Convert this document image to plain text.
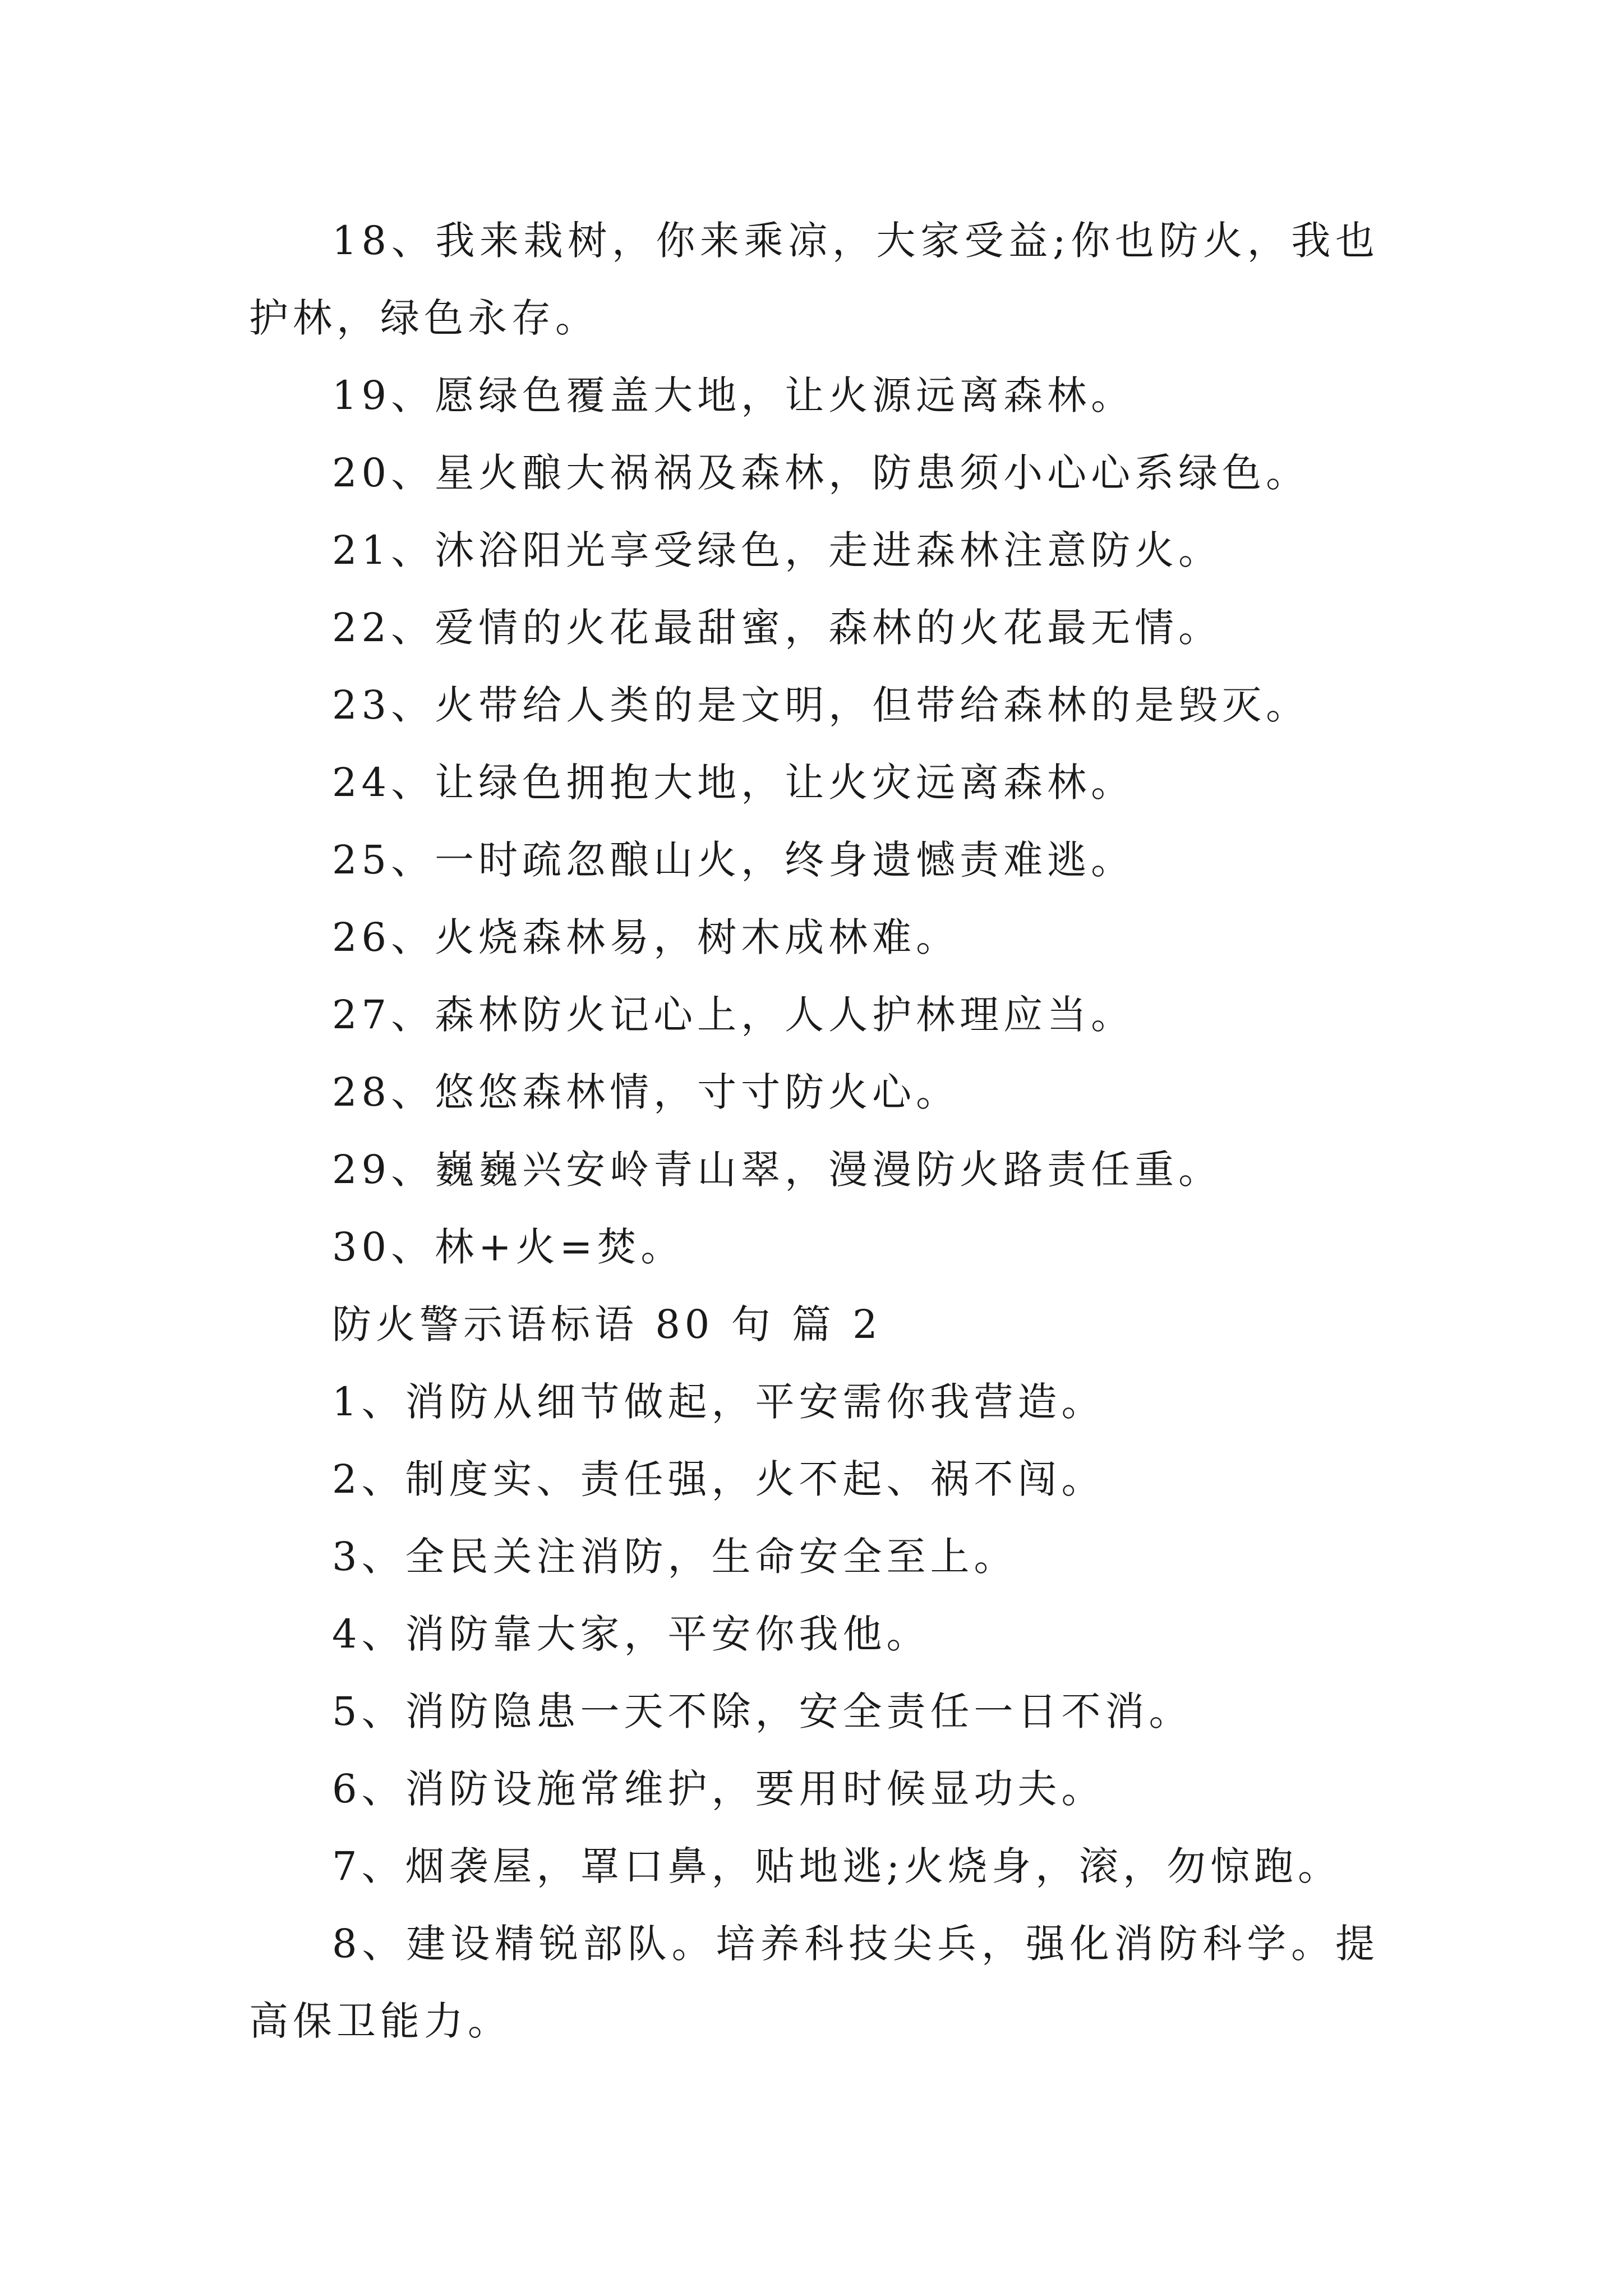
18、我来栽树，你来乘凉，大家受益;你也防火，我也护林，绿色永存。

19、愿绿色覆盖大地，让火源远离森林。

20、星火酿大祸祸及森林，防患须小心心系绿色。

21、沐浴阳光享受绿色，走进森林注意防火。

22、爱情的火花最甜蜜，森林的火花最无情。

23、火带给人类的是文明，但带给森林的是毁灭。

24、让绿色拥抱大地，让火灾远离森林。

25、一时疏忽酿山火，终身遗憾责难逃。

26、火烧森林易，树木成林难。

27、森林防火记心上，人人护林理应当。

28、悠悠森林情，寸寸防火心。

29、巍巍兴安岭青山翠，漫漫防火路责任重。

30、林+火=焚。

防火警示语标语 80 句 篇 2

1、消防从细节做起，平安需你我营造。

2、制度实、责任强，火不起、祸不闯。

3、全民关注消防，生命安全至上。

4、消防靠大家，平安你我他。

5、消防隐患一天不除，安全责任一日不消。

6、消防设施常维护，要用时候显功夫。

7、烟袭屋，罩口鼻，贴地逃;火烧身，滚，勿惊跑。

8、建设精锐部队。培养科技尖兵，强化消防科学。提高保卫能力。
